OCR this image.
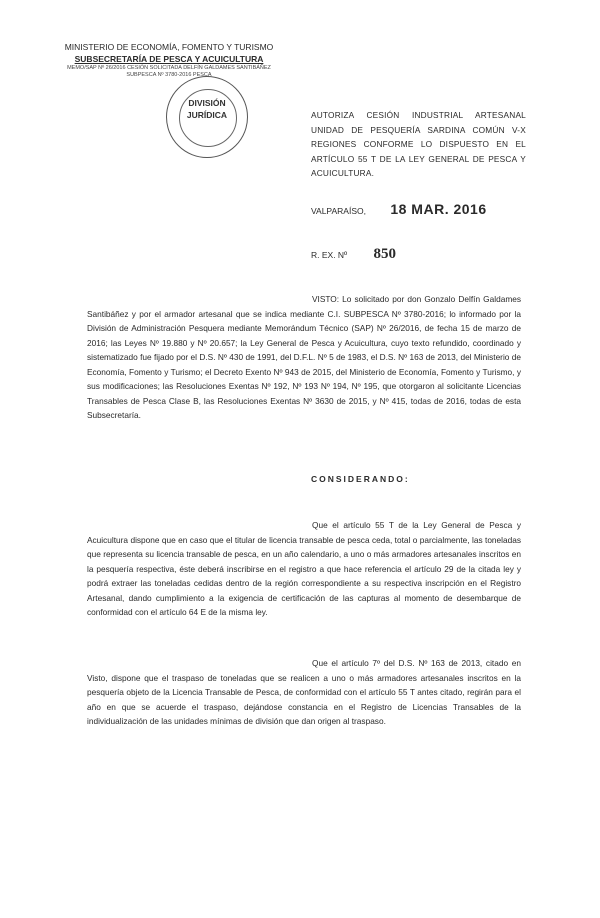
MINISTERIO DE ECONOMÍA, FOMENTO Y TURISMO
SUBSECRETARÍA DE PESCA Y ACUICULTURA
MEMO/SAP Nº 26/2016 CESIÓN SOLICITADA DELFÍN GALDAMES SANTIBÁÑEZ
SUBPESCA Nº 3780-2016 PESCA
DIVISIÓN
JURÍDICA	AUTORIZA CESIÓN INDUSTRIAL ARTESANAL UNIDAD DE PESQUERÍA SARDINA COMÚN V-X REGIONES CONFORME LO DISPUESTO EN EL ARTÍCULO 55 T DE LA LEY GENERAL DE PESCA Y ACUICULTURA.
VALPARAÍSO, 18 MAR. 2016
R. EX. Nº 850
VISTO: Lo solicitado por don Gonzalo Delfín Galdames Santibáñez y por el armador artesanal que se indica mediante C.I. SUBPESCA Nº 3780-2016; lo informado por la División de Administración Pesquera mediante Memorándum Técnico (SAP) Nº 26/2016, de fecha 15 de marzo de 2016; las Leyes Nº 19.880 y Nº 20.657; la Ley General de Pesca y Acuicultura, cuyo texto refundido, coordinado y sistematizado fue fijado por el D.S. Nº 430 de 1991, del D.F.L. Nº 5 de 1983, el D.S. Nº 163 de 2013, del Ministerio de Economía, Fomento y Turismo; el Decreto Exento Nº 943 de 2015, del Ministerio de Economía, Fomento y Turismo, y sus modificaciones; las Resoluciones Exentas Nº 192, Nº 193 Nº 194, Nº 195, que otorgaron al solicitante Licencias Transables de Pesca Clase B, las Resoluciones Exentas Nº 3630 de 2015, y Nº 415, todas de 2016, todas de esta Subsecretaría.
CONSIDERANDO:
Que el artículo 55 T de la Ley General de Pesca y Acuicultura dispone que en caso que el titular de licencia transable de pesca ceda, total o parcialmente, las toneladas que representa su licencia transable de pesca, en un año calendario, a uno o más armadores artesanales inscritos en la pesquería respectiva, éste deberá inscribirse en el registro a que hace referencia el artículo 29 de la citada ley y podrá extraer las toneladas cedidas dentro de la región correspondiente a su respectiva inscripción en el Registro Artesanal, dando cumplimiento a la exigencia de certificación de las capturas al momento de desembarque de conformidad con el artículo 64 E de la misma ley.
Que el artículo 7º del D.S. Nº 163 de 2013, citado en Visto, dispone que el traspaso de toneladas que se realicen a uno o más armadores artesanales inscritos en la pesquería objeto de la Licencia Transable de Pesca, de conformidad con el artículo 55 T antes citado, regirán para el año en que se acuerde el traspaso, dejándose constancia en el Registro de Licencias Transables de la individualización de las unidades mínimas de división que dan origen al traspaso.
